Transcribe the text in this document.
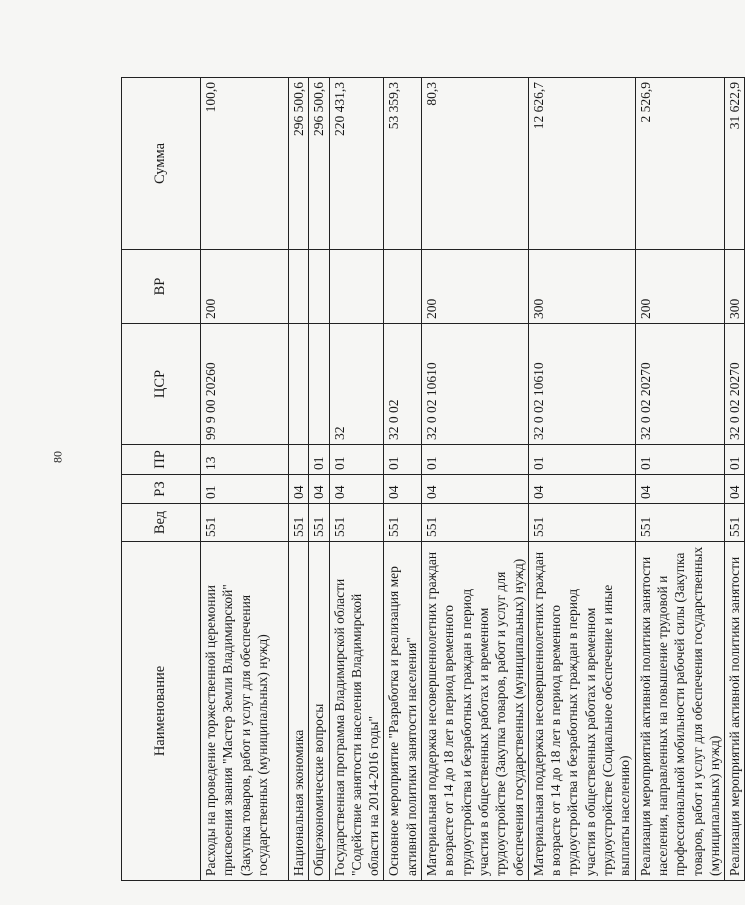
80
Наименование	Вед	РЗ	ПР	ЦСР	ВР	Сумма
Расходы на проведение торжественной церемонии присвоения звания "Мастер Земли Владимирской" (Закупка товаров, работ и услуг для обеспечения государственных (муниципальных) нужд)	551	01	13	99 9 00 20260	200	100,0
Национальная экономика	551	04				296 500,6
Общеэкономические вопросы	551	04	01			296 500,6
Государственная программа Владимирской области "Содействие занятости населения Владимирской области на 2014-2016 годы"	551	04	01	32		220 431,3
Основное мероприятие "Разработка и реализация мер активной политики занятости населения"	551	04	01	32 0 02		53 359,3
Материальная поддержка несовершеннолетних граждан в возрасте от 14 до 18 лет в период временного трудоустройства и безработных граждан в период участия в общественных работах и временном трудоустройстве (Закупка товаров, работ и услуг для обеспечения государственных (муниципальных) нужд)	551	04	01	32 0 02 10610	200	80,3
Материальная поддержка несовершеннолетних граждан в возрасте от 14 до 18 лет в период временного трудоустройства и безработных граждан в период участия в общественных работах и временном трудоустройстве (Социальное обеспечение и иные выплаты населению)	551	04	01	32 0 02 10610	300	12 626,7
Реализация мероприятий активной политики занятости населения, направленных на повышение трудовой и профессиональной мобильности рабочей силы (Закупка товаров, работ и услуг для обеспечения государственных (муниципальных) нужд)	551	04	01	32 0 02 20270	200	2 526,9
Реализация мероприятий активной политики занятости	551	04	01	32 0 02 20270	300	31 622,9
